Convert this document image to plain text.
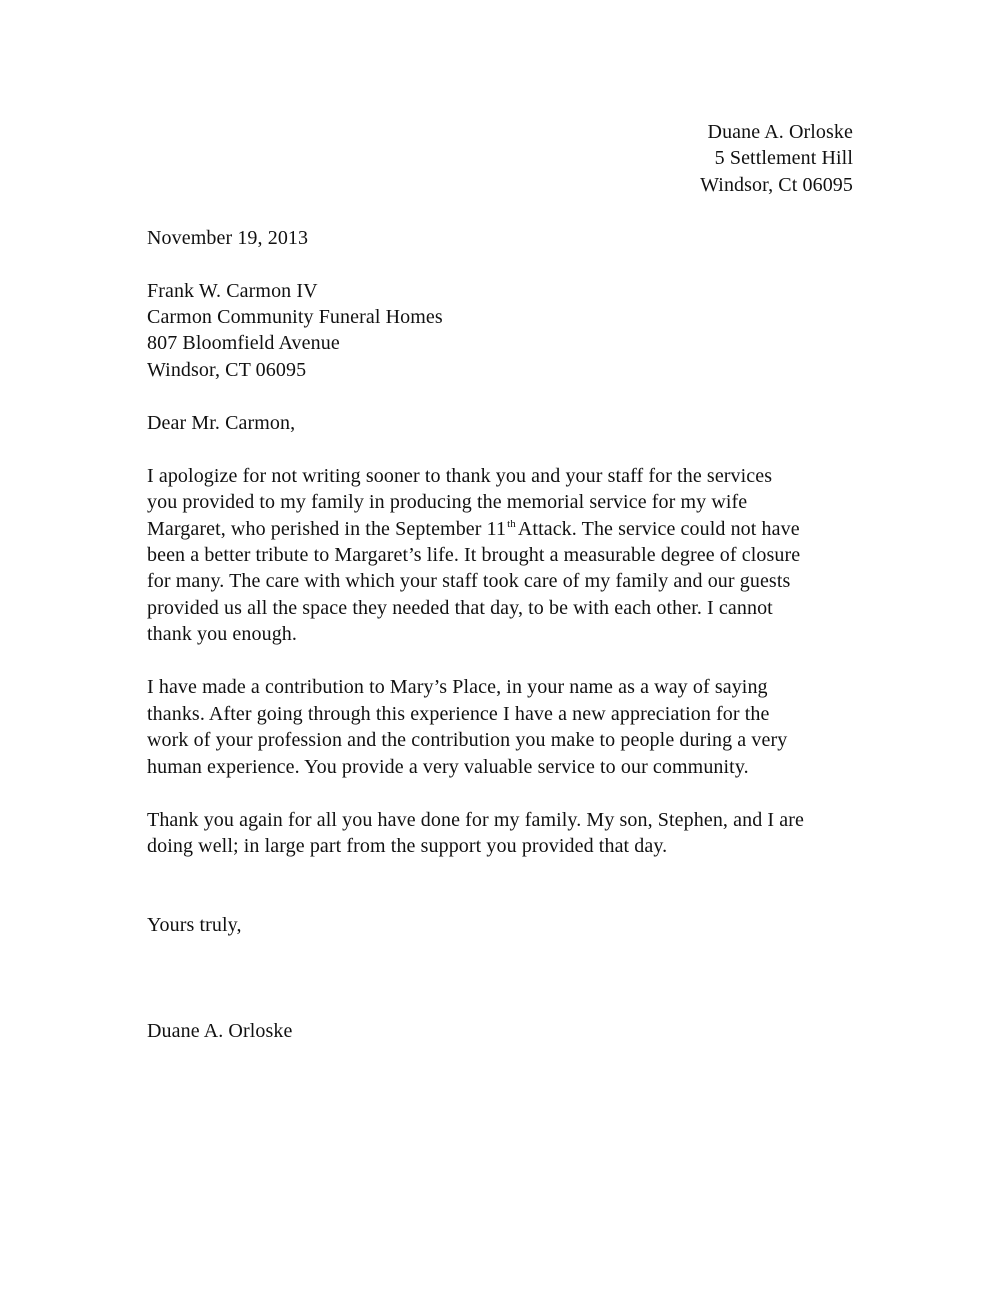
Duane A. Orloske
5 Settlement Hill
Windsor, Ct 06095
November 19, 2013
Frank W. Carmon IV
Carmon Community Funeral Homes
807 Bloomfield Avenue
Windsor, CT 06095
Dear Mr. Carmon,
I apologize for not writing sooner to thank you and your staff for the services
you provided to my family in producing the memorial service for my wife
Margaret, who perished in the September 11th Attack. The service could not have
been a better tribute to Margaret’s life. It brought a measurable degree of closure
for many. The care with which your staff took care of my family and our guests
provided us all the space they needed that day, to be with each other. I cannot
thank you enough.
I have made a contribution to Mary’s Place, in your name as a way of saying
thanks. After going through this experience I have a new appreciation for the
work of your profession and the contribution you make to people during a very
human experience. You provide a very valuable service to our community.
Thank you again for all you have done for my family. My son, Stephen, and I are
doing well; in large part from the support you provided that day.
Yours truly,
Duane A. Orloske
